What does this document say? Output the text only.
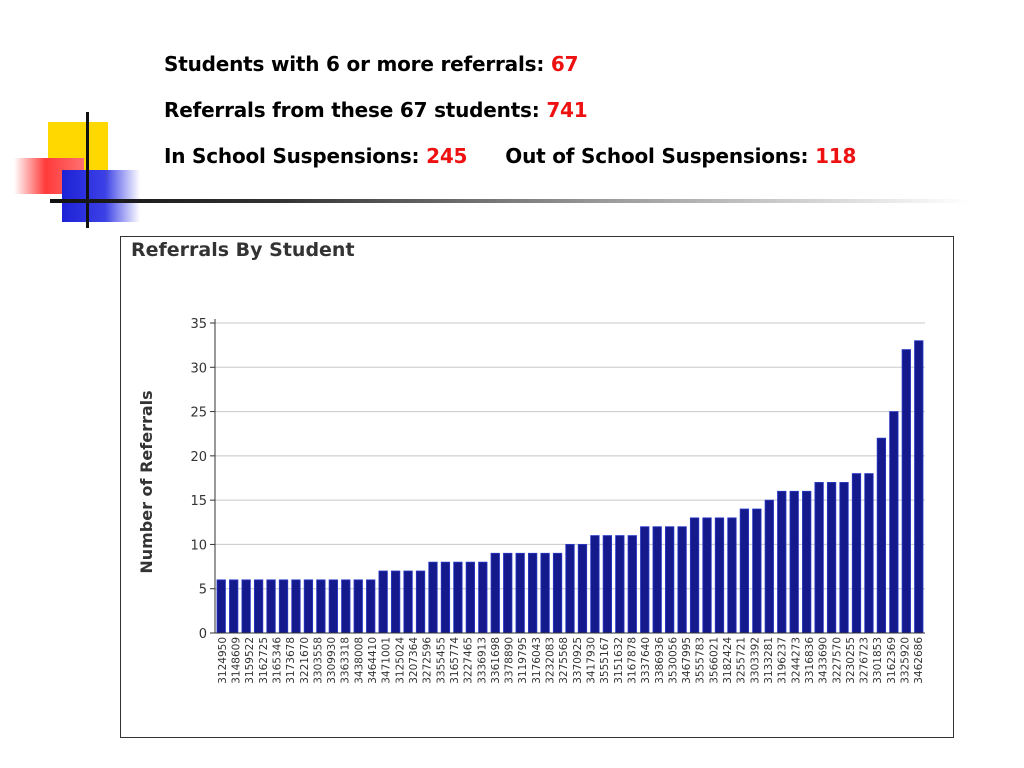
Students with 6 or more referrals: 67
Referrals from these 67 students: 741
In School Suspensions: 245 Out of School Suspensions: 118
Referrals By Student
0
5
10
15
20
25
30
35
3124950 3148609 3159522 3162725 3165346 3173678 3221670 3303558 3309930 3363318 3438008 3464410 3471001 3125024 3207364 3272596 3355455 3165774 3227465 3336913 3361698 3378890 3119795 3176043 3232083 3275568 3370925 3417930 3555167 3151632 3167878 3337640 3386936 3530056 3467995 3555783 3566021 3182424 3255721 3303392 3133281 3196237 3244273 3316836 3433690 3227570 3230255 3276723 3301853 3162369 3325920 3462686
Number of Referrals
